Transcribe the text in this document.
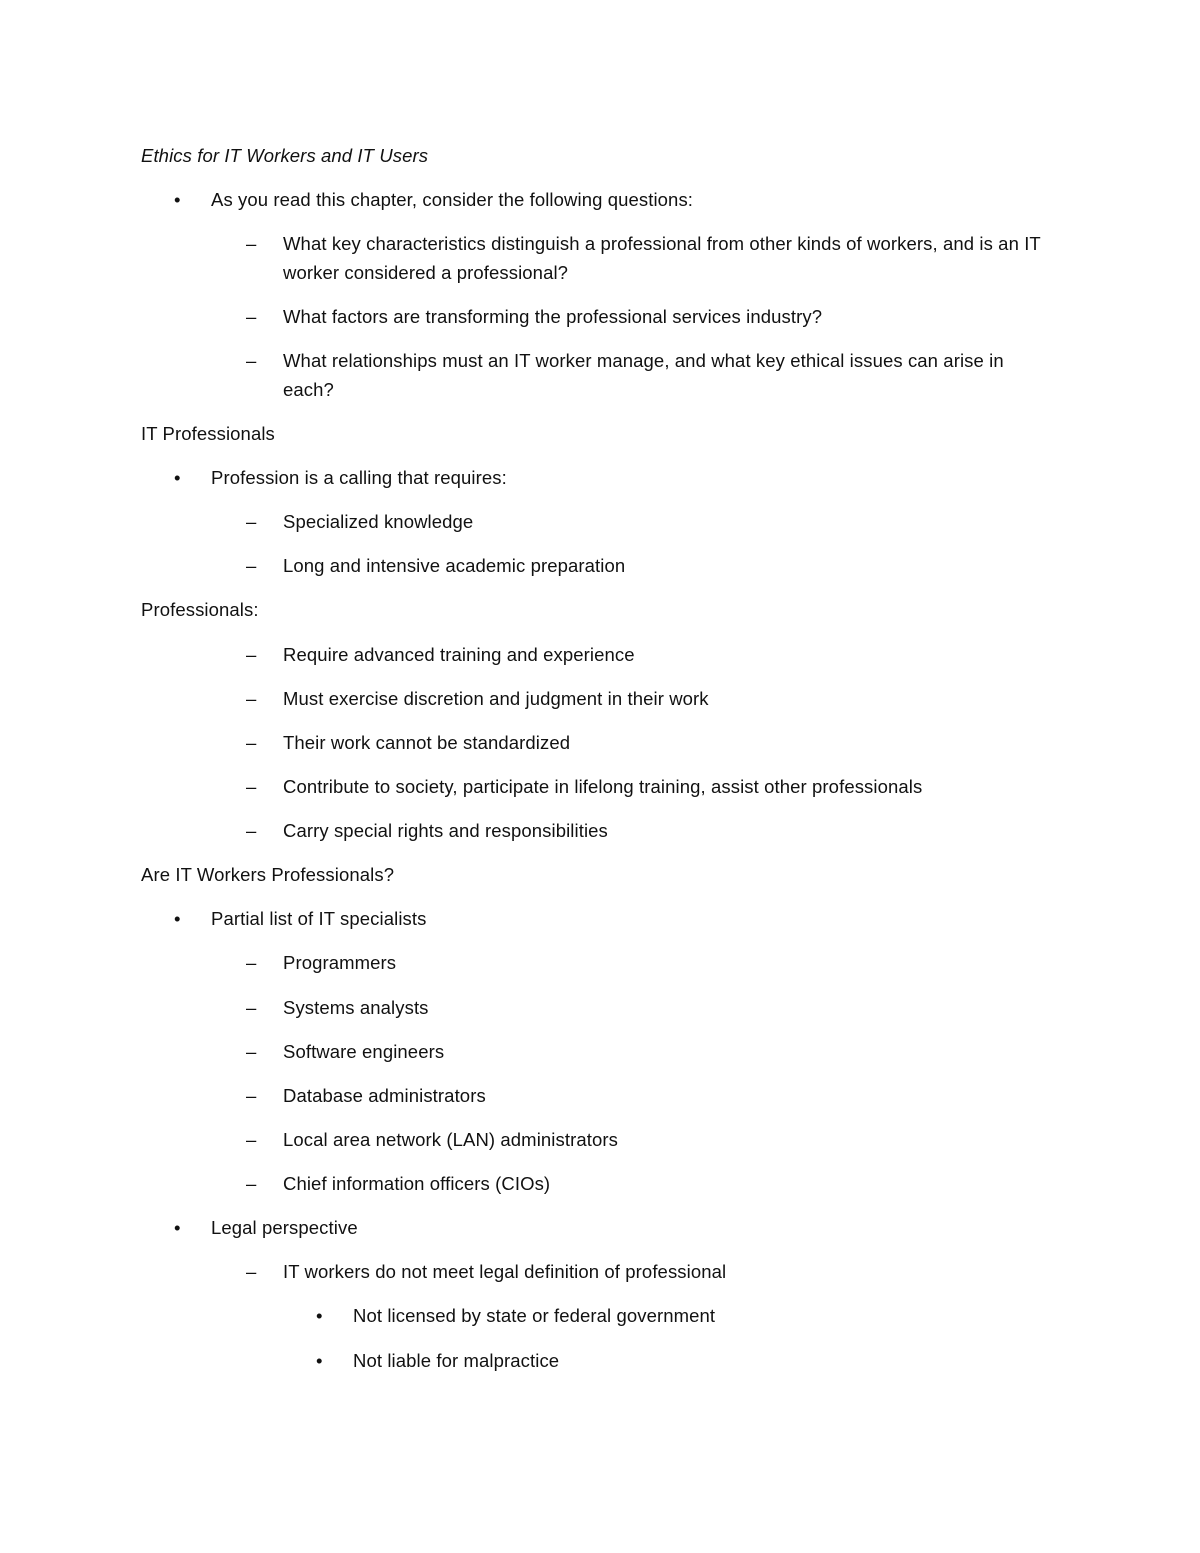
Ethics for IT Workers and IT Users
• As you read this chapter, consider the following questions:
– What key characteristics distinguish a professional from other kinds of workers, and is an IT worker considered a professional?
– What factors are transforming the professional services industry?
– What relationships must an IT worker manage, and what key ethical issues can arise in each?
IT Professionals
• Profession is a calling that requires:
– Specialized knowledge
– Long and intensive academic preparation
Professionals:
– Require advanced training and experience
– Must exercise discretion and judgment in their work
– Their work cannot be standardized
– Contribute to society, participate in lifelong training, assist other professionals
– Carry special rights and responsibilities
Are IT Workers Professionals?
• Partial list of IT specialists
– Programmers
– Systems analysts
– Software engineers
– Database administrators
– Local area network (LAN) administrators
– Chief information officers (CIOs)
• Legal perspective
– IT workers do not meet legal definition of professional
• Not licensed by state or federal government
• Not liable for malpractice
